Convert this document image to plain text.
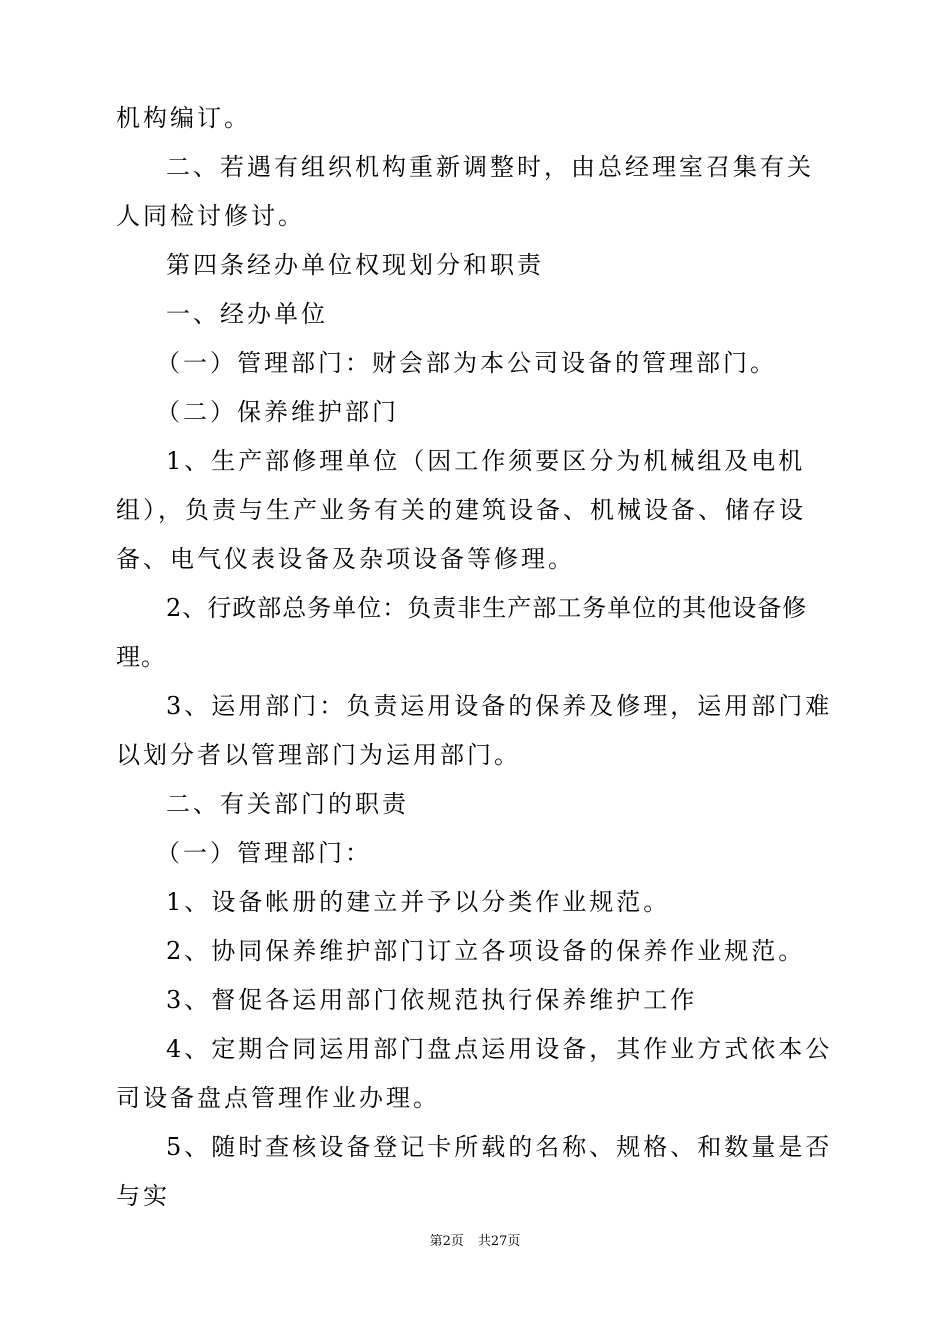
机构编订。

二、若遇有组织机构重新调整时，由总经理室召集有关人同检讨修讨。

第四条经办单位权现划分和职责

一、经办单位

（一）管理部门：财会部为本公司设备的管理部门。

（二）保养维护部门

1、生产部修理单位（因工作须要区分为机械组及电机组），负责与生产业务有关的建筑设备、机械设备、储存设备、电气仪表设备及杂项设备等修理。

2、行政部总务单位：负责非生产部工务单位的其他设备修理。

3、运用部门：负责运用设备的保养及修理，运用部门难以划分者以管理部门为运用部门。

二、有关部门的职责

（一）管理部门：

1、设备帐册的建立并予以分类作业规范。

2、协同保养维护部门订立各项设备的保养作业规范。

3、督促各运用部门依规范执行保养维护工作

4、定期合同运用部门盘点运用设备，其作业方式依本公司设备盘点管理作业办理。

5、随时查核设备登记卡所载的名称、规格、和数量是否与实

第2页 共27页
